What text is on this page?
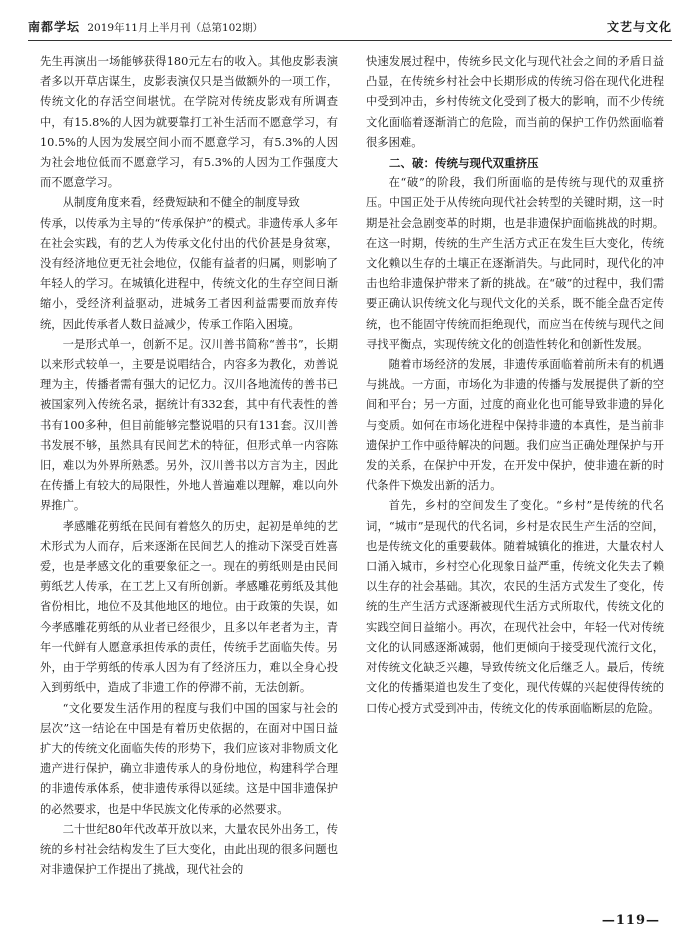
南都学坛 2019年11月上半月刊（总第102期）	文艺与文化

先生再演出一场能够获得180元左右的收入。其他皮影表演者多以开草店谋生，皮影表演仅只是当做额外的一项工作，传统文化的存活空间堪忧。在学院对传统皮影戏有所调查中，有15.8%的人因为就要靠打工补生活而不愿意学习，有10.5%的人因为发展空间小而不愿意学习，有5.3%的人因为社会地位低而不愿意学习，有5.3%的人因为工作强度大而不愿意学习。

从制度角度来看，经费短缺和不健全的制度导致

传承，以传承为主导的“传承保护”的模式。非遗传承人多年在社会实践，有的艺人为传承文化付出的代价甚是身贫寒，没有经济地位更无社会地位，仅能有益者的归属，则影响了年轻人的学习。在城镇化进程中，传统文化的生存空间日渐缩小，受经济利益驱动，进城务工者因利益需要而放弃传统，因此传承者人数日益减少，传承工作陷入困境。

一是形式单一，创新不足。汉川善书简称“善书”，长期以来形式较单一，主要是说唱结合，内容多为教化，劝善说理为主，传播者需有强大的记忆力。汉川各地流传的善书已被国家列入传统名录，据统计有332套，其中有代表性的善书有100多种，但目前能够完整说唱的只有131套。汉川善书发展不够，虽然具有民间艺术的特征，但形式单一内容陈旧，难以为外界所熟悉。另外，汉川善书以方言为主，因此在传播上有较大的局限性，外地人普遍难以理解，难以向外界推广。

孝感雕花剪纸在民间有着悠久的历史，起初是单纯的艺术形式为人而存，后来逐渐在民间艺人的推动下深受百姓喜爱，也是孝感文化的重要象征之一。现在的剪纸则是由民间剪纸艺人传承，在工艺上又有所创新。孝感雕花剪纸及其他省份相比，地位不及其他地区的地位。由于政策的失误，如今孝感雕花剪纸的从业者已经很少，且多以年老者为主，青年一代鲜有人愿意承担传承的责任，传统手艺面临失传。另外，由于学剪纸的传承人因为有了经济压力，难以全身心投入到剪纸中，造成了非遗工作的停滞不前，无法创新。

“文化要发生活作用的程度与我们中国的国家与社会的层次”这一结论在中国是有着历史依据的，在面对中国日益扩大的传统文化面临失传的形势下，我们应该对非物质文化遗产进行保护，确立非遗传承人的身份地位，构建科学合理的非遗传承体系，使非遗传承得以延续。这是中国非遗保护的必然要求，也是中华民族文化传承的必然要求。

二十世纪80年代改革开放以来，大量农民外出务工，传统的乡村社会结构发生了巨大变化，由此出现的很多问题也对非遗保护工作提出了挑战，现代社会的

快速发展过程中，传统乡民文化与现代社会之间的矛盾日益凸显，在传统乡村社会中长期形成的传统习俗在现代化进程中受到冲击，乡村传统文化受到了极大的影响，而不少传统文化面临着逐渐消亡的危险，而当前的保护工作仍然面临着很多困难。

二、破：传统与现代双重挤压

在“破”的阶段，我们所面临的是传统与现代的双重挤压。中国正处于从传统向现代社会转型的关键时期，这一时期是社会急剧变革的时期，也是非遗保护面临挑战的时期。在这一时期，传统的生产生活方式正在发生巨大变化，传统文化赖以生存的土壤正在逐渐消失。与此同时，现代化的冲击也给非遗保护带来了新的挑战。在“破”的过程中，我们需要正确认识传统文化与现代文化的关系，既不能全盘否定传统，也不能固守传统而拒绝现代，而应当在传统与现代之间寻找平衡点，实现传统文化的创造性转化和创新性发展。

随着市场经济的发展，非遗传承面临着前所未有的机遇与挑战。一方面，市场化为非遗的传播与发展提供了新的空间和平台；另一方面，过度的商业化也可能导致非遗的异化与变质。如何在市场化进程中保持非遗的本真性，是当前非遗保护工作中亟待解决的问题。我们应当正确处理保护与开发的关系，在保护中开发，在开发中保护，使非遗在新的时代条件下焕发出新的活力。

首先，乡村的空间发生了变化。“乡村”是传统的代名词，“城市”是现代的代名词，乡村是农民生产生活的空间，也是传统文化的重要载体。随着城镇化的推进，大量农村人口涌入城市，乡村空心化现象日益严重，传统文化失去了赖以生存的社会基础。其次，农民的生活方式发生了变化，传统的生产生活方式逐渐被现代生活方式所取代，传统文化的实践空间日益缩小。再次，在现代社会中，年轻一代对传统文化的认同感逐渐减弱，他们更倾向于接受现代流行文化，对传统文化缺乏兴趣，导致传统文化后继乏人。最后，传统文化的传播渠道也发生了变化，现代传媒的兴起使得传统的口传心授方式受到冲击，传统文化的传承面临断层的危险。

—119—
